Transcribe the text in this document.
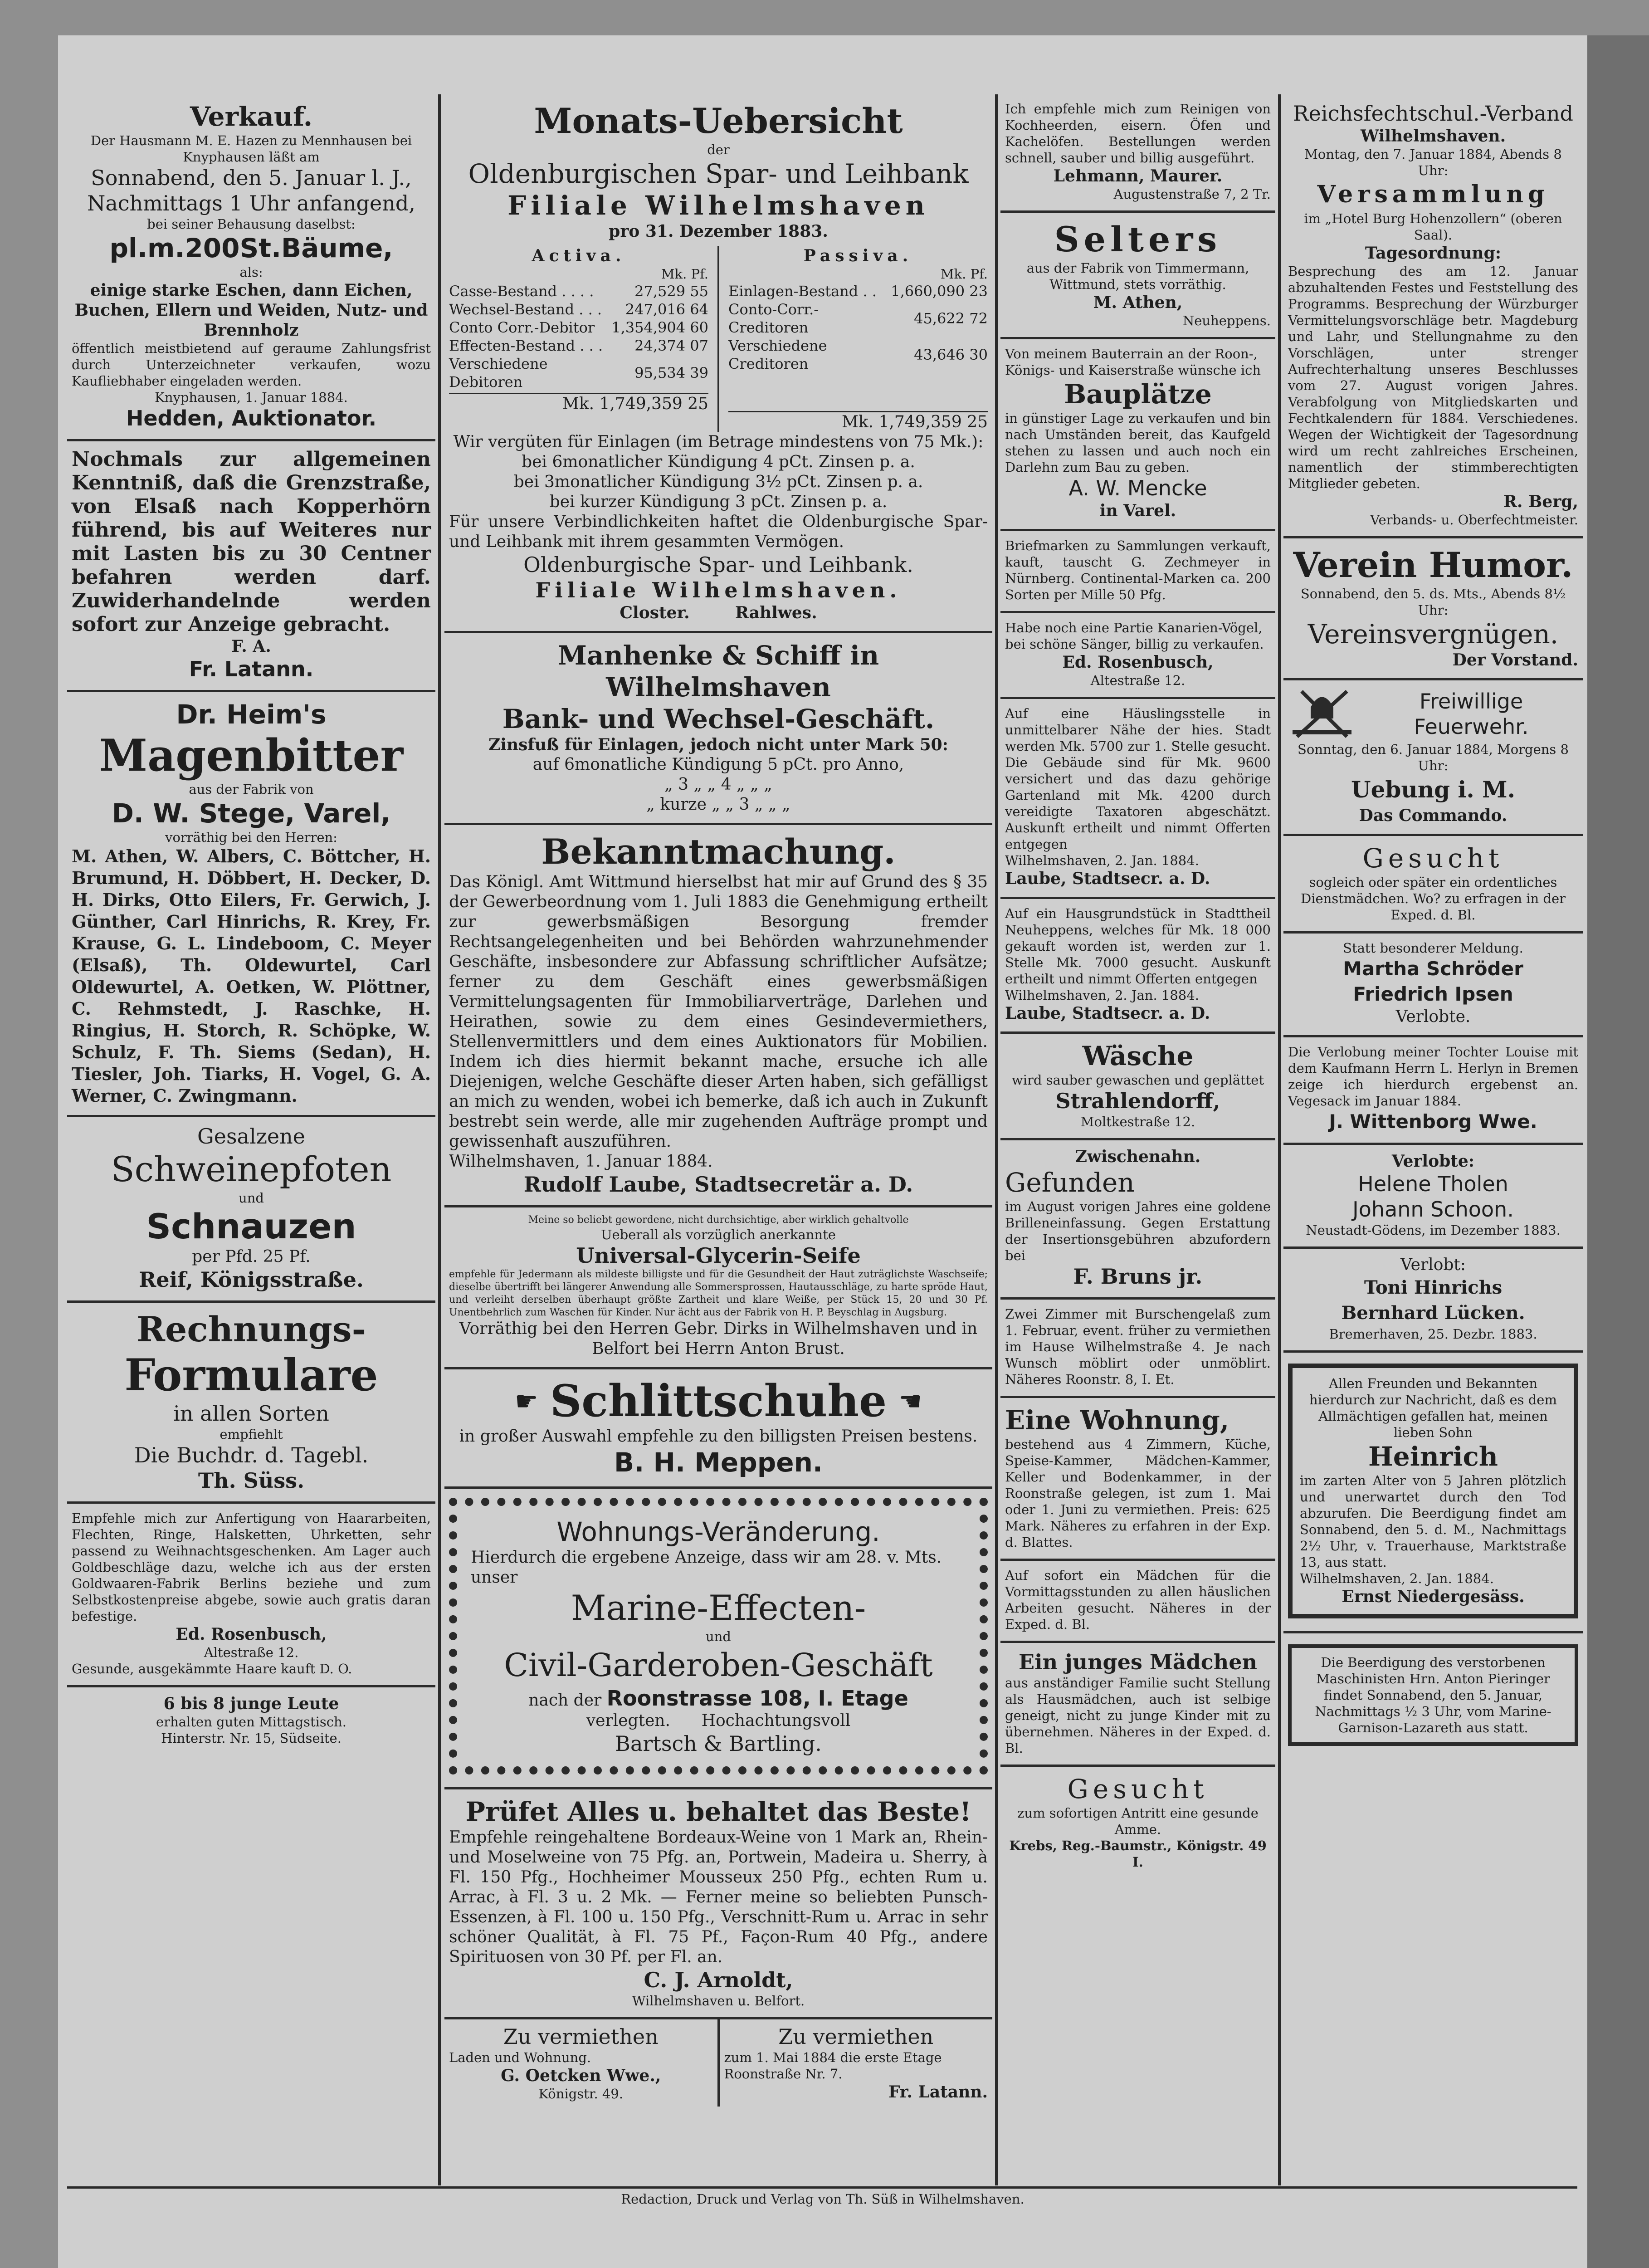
Verkauf.

Der Hausmann M. E. Hazen zu Mennhausen bei Knyphausen läßt am

Sonnabend, den 5. Januar l. J., Nachmittags 1 Uhr anfangend,

bei seiner Behausung daselbst:

pl.m.200St.Bäume,

als:

einige starke Eschen, dann Eichen, Buchen, Ellern und Weiden, Nutz- und Brennholz

öffentlich meistbietend auf geraume Zahlungsfrist durch Unterzeichneter verkaufen, wozu Kaufliebhaber eingeladen werden.

Knyphausen, 1. Januar 1884.

Hedden, Auktionator.

Nochmals zur allgemeinen Kenntniß, daß die Grenzstraße, von Elsaß nach Kopperhörn führend, bis auf Weiteres nur mit Lasten bis zu 30 Centner befahren werden darf. Zuwiderhandelnde werden sofort zur Anzeige gebracht.

F. A.

Fr. Latann.

Dr. Heim's

Magenbitter

aus der Fabrik von

D. W. Stege, Varel,

vorräthig bei den Herren:

M. Athen, W. Albers, C. Böttcher, H. Brumund, H. Döbbert, H. Decker, D. H. Dirks, Otto Eilers, Fr. Gerwich, J. Günther, Carl Hinrichs, R. Krey, Fr. Krause, G. L. Lindeboom, C. Meyer (Elsaß), Th. Oldewurtel, Carl Oldewurtel, A. Oetken, W. Plöttner, C. Rehmstedt, J. Raschke, H. Ringius, H. Storch, R. Schöpke, W. Schulz, F. Th. Siems (Sedan), H. Tiesler, Joh. Tiarks, H. Vogel, G. A. Werner, C. Zwingmann.

Gesalzene

Schweinepfoten

und

Schnauzen

per Pfd. 25 Pf.

Reif, Königsstraße.

Rechnungs-

Formulare

in allen Sorten

empfiehlt

Die Buchdr. d. Tagebl.

Th. Süss.

Empfehle mich zur Anfertigung von Haararbeiten, Flechten, Ringe, Halsketten, Uhrketten, sehr passend zu Weihnachtsgeschenken. Am Lager auch Goldbeschläge dazu, welche ich aus der ersten Goldwaaren-Fabrik Berlins beziehe und zum Selbstkostenpreise abgebe, sowie auch gratis daran befestige.

Ed. Rosenbusch,

Altestraße 12.

Gesunde, ausgekämmte Haare kauft D. O.

6 bis 8 junge Leute

erhalten guten Mittagstisch.

Hinterstr. Nr. 15, Südseite.

Monats-Uebersicht

der

Oldenburgischen Spar- und Leihbank

Filiale Wilhelmshaven

pro 31. Dezember 1883.

Activa.

Mk. Pf.

Casse-Bestand . . . .	27,529 55
Wechsel-Bestand . . .	247,016 64
Conto Corr.-Debitor	1,354,904 60
Effecten-Bestand . . .	24,374 07
Verschiedene Debitoren	95,534 39

Mk. 1,749,359 25

Passiva.

Mk. Pf.

Einlagen-Bestand . .	1,660,090 23
Conto-Corr.-Creditoren	45,622 72
Verschiedene Creditoren	43,646 30

Mk. 1,749,359 25

Wir vergüten für Einlagen (im Betrage mindestens von 75 Mk.):

bei 6monatlicher Kündigung 4 pCt. Zinsen p. a.

bei 3monatlicher Kündigung 3½ pCt. Zinsen p. a.

bei kurzer Kündigung 3 pCt. Zinsen p. a.

Für unsere Verbindlichkeiten haftet die Oldenburgische Spar- und Leihbank mit ihrem gesammten Vermögen.

Oldenburgische Spar- und Leihbank.

Filiale Wilhelmshaven.

Closter.	Rahlwes.

Manhenke & Schiff in Wilhelmshaven

Bank- und Wechsel-Geschäft.

Zinsfuß für Einlagen, jedoch nicht unter Mark 50:

auf 6monatliche Kündigung 5 pCt. pro Anno,

„ 3 „ „ 4 „ „ „

„ kurze „ „ 3 „ „ „

Bekanntmachung.

Das Königl. Amt Wittmund hierselbst hat mir auf Grund des § 35 der Gewerbeordnung vom 1. Juli 1883 die Genehmigung ertheilt zur gewerbsmäßigen Besorgung fremder Rechtsangelegenheiten und bei Behörden wahrzunehmender Geschäfte, insbesondere zur Abfassung schriftlicher Aufsätze; ferner zu dem Geschäft eines gewerbsmäßigen Vermittelungsagenten für Immobiliarverträge, Darlehen und Heirathen, sowie zu dem eines Gesindevermiethers, Stellenvermittlers und dem eines Auktionators für Mobilien. Indem ich dies hiermit bekannt mache, ersuche ich alle Diejenigen, welche Geschäfte dieser Arten haben, sich gefälligst an mich zu wenden, wobei ich bemerke, daß ich auch in Zukunft bestrebt sein werde, alle mir zugehenden Aufträge prompt und gewissenhaft auszuführen.

Wilhelmshaven, 1. Januar 1884.

Rudolf Laube, Stadtsecretär a. D.

Meine so beliebt gewordene, nicht durchsichtige, aber wirklich gehaltvolle

Ueberall als vorzüglich anerkannte

Universal-Glycerin-Seife

empfehle für Jedermann als mildeste billigste und für die Gesundheit der Haut zuträglichste Waschseife; dieselbe übertrifft bei längerer Anwendung alle Sommersprossen, Hautausschläge, zu harte spröde Haut, und verleiht derselben überhaupt größte Zartheit und klare Weiße, per Stück 15, 20 und 30 Pf. Unentbehrlich zum Waschen für Kinder. Nur ächt aus der Fabrik von H. P. Beyschlag in Augsburg.

Vorräthig bei den Herren Gebr. Dirks in Wilhelmshaven und in Belfort bei Herrn Anton Brust.

☛ Schlittschuhe ☚

in großer Auswahl empfehle zu den billigsten Preisen bestens.

B. H. Meppen.

Wohnungs-Veränderung.

Hierdurch die ergebene Anzeige, dass wir am 28. v. Mts. unser

Marine-Effecten-

und

Civil-Garderoben-Geschäft

nach der Roonstrasse 108, I. Etage

verlegten. Hochachtungsvoll

Bartsch & Bartling.

Prüfet Alles u. behaltet das Beste!

Empfehle reingehaltene Bordeaux-Weine von 1 Mark an, Rhein- und Moselweine von 75 Pfg. an, Portwein, Madeira u. Sherry, à Fl. 150 Pfg., Hochheimer Mousseux 250 Pfg., echten Rum u. Arrac, à Fl. 3 u. 2 Mk. — Ferner meine so beliebten Punsch-Essenzen, à Fl. 100 u. 150 Pfg., Verschnitt-Rum u. Arrac in sehr schöner Qualität, à Fl. 75 Pf., Façon-Rum 40 Pfg., andere Spirituosen von 30 Pf. per Fl. an.

C. J. Arnoldt,

Wilhelmshaven u. Belfort.

Zu vermiethen

Laden und Wohnung.

G. Oetcken Wwe.,

Königstr. 49.

Zu vermiethen

zum 1. Mai 1884 die erste Etage Roonstraße Nr. 7.

Fr. Latann.

Ich empfehle mich zum Reinigen von Kochheerden, eisern. Öfen und Kachelöfen. Bestellungen werden schnell, sauber und billig ausgeführt.

Lehmann, Maurer.

Augustenstraße 7, 2 Tr.

Selters

aus der Fabrik von Timmermann, Wittmund, stets vorräthig.

M. Athen,

Neuheppens.

Von meinem Bauterrain an der Roon-, Königs- und Kaiserstraße wünsche ich

Bauplätze

in günstiger Lage zu verkaufen und bin nach Umständen bereit, das Kaufgeld stehen zu lassen und auch noch ein Darlehn zum Bau zu geben.

A. W. Mencke

in Varel.

Briefmarken zu Sammlungen verkauft, kauft, tauscht G. Zechmeyer in Nürnberg. Continental-Marken ca. 200 Sorten per Mille 50 Pfg.

Habe noch eine Partie Kanarien-Vögel, bei schöne Sänger, billig zu verkaufen.

Ed. Rosenbusch,

Altestraße 12.

Auf eine Häuslingsstelle in unmittelbarer Nähe der hies. Stadt werden Mk. 5700 zur 1. Stelle gesucht. Die Gebäude sind für Mk. 9600 versichert und das dazu gehörige Gartenland mit Mk. 4200 durch vereidigte Taxatoren abgeschätzt. Auskunft ertheilt und nimmt Offerten entgegen

Wilhelmshaven, 2. Jan. 1884.

Laube, Stadtsecr. a. D.

Auf ein Hausgrundstück in Stadttheil Neuheppens, welches für Mk. 18 000 gekauft worden ist, werden zur 1. Stelle Mk. 7000 gesucht. Auskunft ertheilt und nimmt Offerten entgegen

Wilhelmshaven, 2. Jan. 1884.

Laube, Stadtsecr. a. D.

Wäsche

wird sauber gewaschen und geplättet

Strahlendorff,

Moltkestraße 12.

Zwischenahn.

Gefunden

im August vorigen Jahres eine goldene Brilleneinfassung. Gegen Erstattung der Insertionsgebühren abzufordern bei

F. Bruns jr.

Zwei Zimmer mit Burschengelaß zum 1. Februar, event. früher zu vermiethen im Hause Wilhelmstraße 4. Je nach Wunsch möblirt oder unmöblirt. Näheres Roonstr. 8, I. Et.

Eine Wohnung,

bestehend aus 4 Zimmern, Küche, Speise-Kammer, Mädchen-Kammer, Keller und Bodenkammer, in der Roonstraße gelegen, ist zum 1. Mai oder 1. Juni zu vermiethen. Preis: 625 Mark. Näheres zu erfahren in der Exp. d. Blattes.

Auf sofort ein Mädchen für die Vormittagsstunden zu allen häuslichen Arbeiten gesucht. Näheres in der Exped. d. Bl.

Ein junges Mädchen

aus anständiger Familie sucht Stellung als Hausmädchen, auch ist selbige geneigt, nicht zu junge Kinder mit zu übernehmen. Näheres in der Exped. d. Bl.

Gesucht

zum sofortigen Antritt eine gesunde Amme.

Krebs, Reg.-Baumstr., Königstr. 49 I.

Reichsfechtschul.-Verband

Wilhelmshaven.

Montag, den 7. Januar 1884, Abends 8 Uhr:

Versammlung

im „Hotel Burg Hohenzollern“ (oberen Saal).

Tagesordnung:

Besprechung des am 12. Januar abzuhaltenden Festes und Feststellung des Programms. Besprechung der Würzburger Vermittelungsvorschläge betr. Magdeburg und Lahr, und Stellungnahme zu den Vorschlägen, unter strenger Aufrechterhaltung unseres Beschlusses vom 27. August vorigen Jahres. Verabfolgung von Mitgliedskarten und Fechtkalendern für 1884. Verschiedenes. Wegen der Wichtigkeit der Tagesordnung wird um recht zahlreiches Erscheinen, namentlich der stimmberechtigten Mitglieder gebeten.

R. Berg,

Verbands- u. Oberfechtmeister.

Verein Humor.

Sonnabend, den 5. ds. Mts., Abends 8½ Uhr:

Vereinsvergnügen.

Der Vorstand.

Freiwillige

Feuerwehr.

Sonntag, den 6. Januar 1884, Morgens 8 Uhr:

Uebung i. M.

Das Commando.

Gesucht

sogleich oder später ein ordentliches Dienstmädchen. Wo? zu erfragen in der Exped. d. Bl.

Statt besonderer Meldung.

Martha Schröder

Friedrich Ipsen

Verlobte.

Die Verlobung meiner Tochter Louise mit dem Kaufmann Herrn L. Herlyn in Bremen zeige ich hierdurch ergebenst an. Vegesack im Januar 1884.

J. Wittenborg Wwe.

Verlobte:

Helene Tholen

Johann Schoon.

Neustadt-Gödens, im Dezember 1883.

Verlobt:

Toni Hinrichs

Bernhard Lücken.

Bremerhaven, 25. Dezbr. 1883.

Allen Freunden und Bekannten hierdurch zur Nachricht, daß es dem Allmächtigen gefallen hat, meinen lieben Sohn

Heinrich

im zarten Alter von 5 Jahren plötzlich und unerwartet durch den Tod abzurufen. Die Beerdigung findet am Sonnabend, den 5. d. M., Nachmittags 2½ Uhr, v. Trauerhause, Marktstraße 13, aus statt.

Wilhelmshaven, 2. Jan. 1884.

Ernst Niedergesäss.

Die Beerdigung des verstorbenen Maschinisten Hrn. Anton Pieringer findet Sonnabend, den 5. Januar, Nachmittags ½ 3 Uhr, vom Marine-Garnison-Lazareth aus statt.

Redaction, Druck und Verlag von Th. Süß in Wilhelmshaven.
